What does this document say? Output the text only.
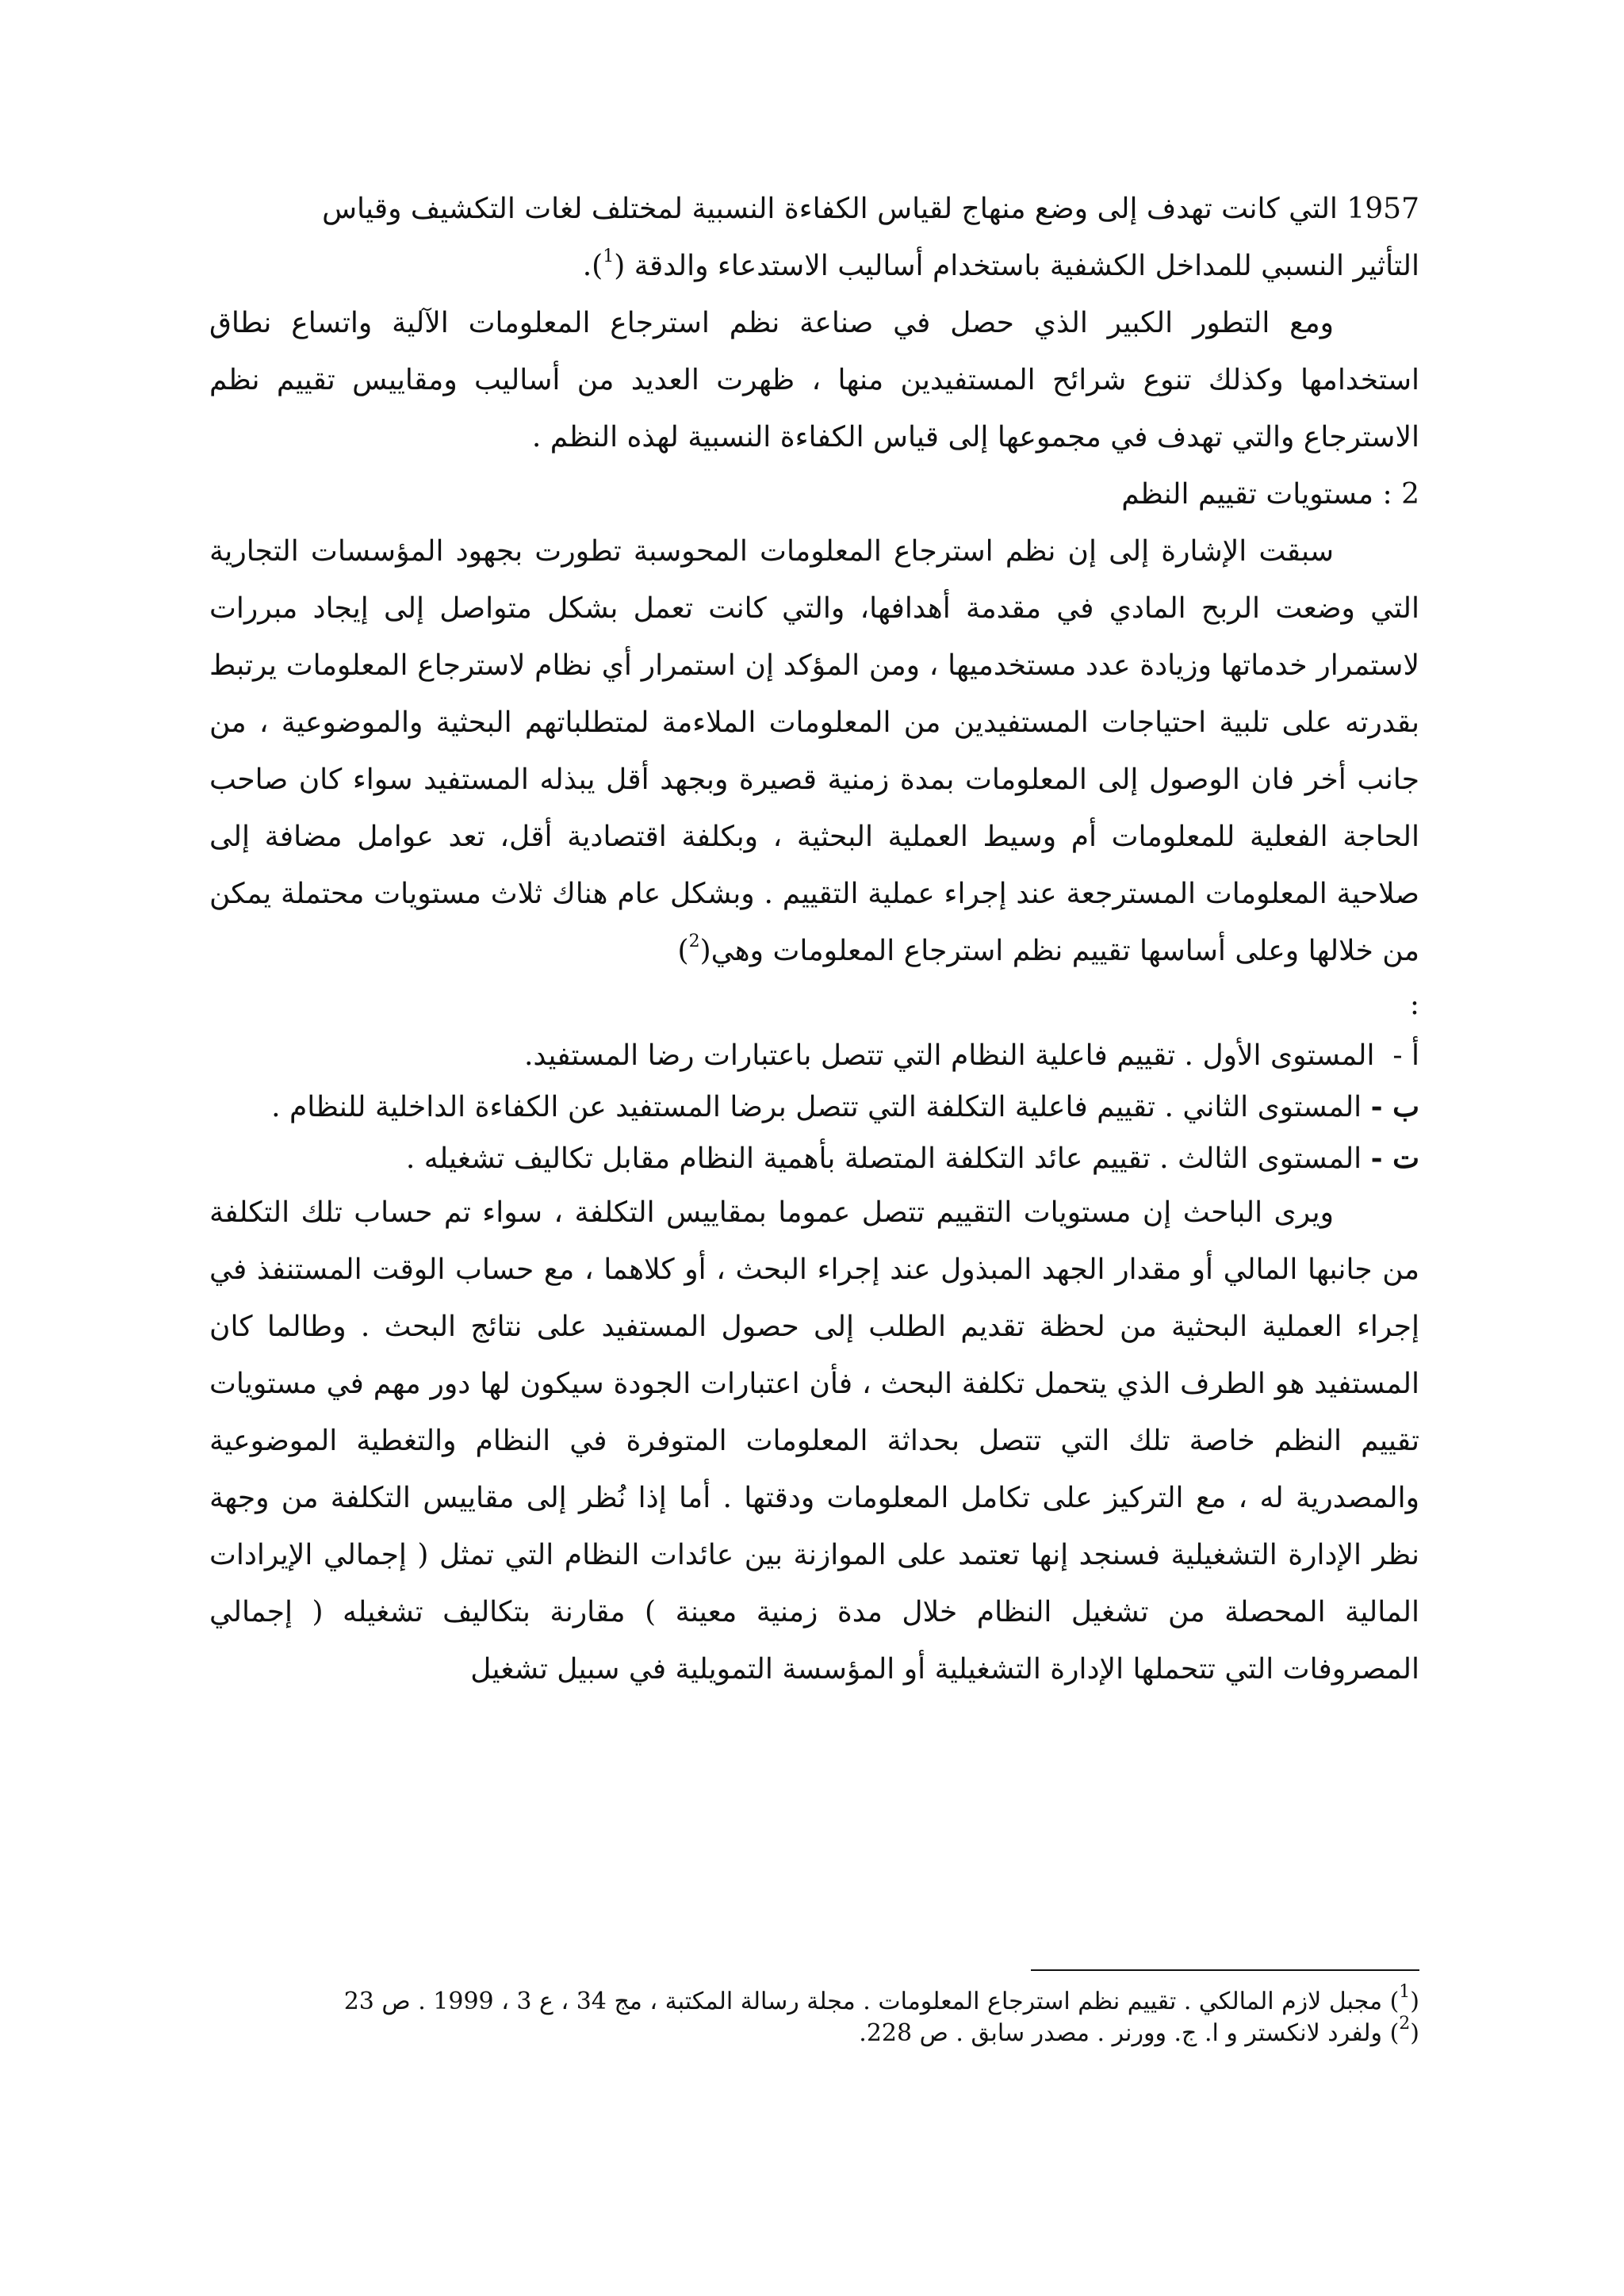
1957 التي كانت تهدف إلى وضع منهاج لقياس الكفاءة النسبية لمختلف لغات التكشيف وقياس
التأثير النسبي للمداخل الكشفية باستخدام أساليب الاستدعاء والدقة ($^1$).

ومع التطور الكبير الذي حصل في صناعة نظم استرجاع المعلومات الآلية واتساع نطاق استخدامها وكذلك تنوع شرائح المستفيدين منها ، ظهرت العديد من أساليب ومقاييس تقييم نظم الاسترجاع والتي تهدف في مجموعها إلى قياس الكفاءة النسبية لهذه النظم .

2 : مستويات تقييم النظم

سبقت الإشارة إلى إن نظم استرجاع المعلومات المحوسبة تطورت بجهود المؤسسات التجارية التي وضعت الربح المادي في مقدمة أهدافها، والتي كانت تعمل بشكل متواصل إلى إيجاد مبررات لاستمرار خدماتها وزيادة عدد مستخدميها ، ومن المؤكد إن استمرار أي نظام لاسترجاع المعلومات يرتبط بقدرته على تلبية احتياجات المستفيدين من المعلومات الملاءمة لمتطلباتهم البحثية والموضوعية ، من جانب أخر فان الوصول إلى المعلومات بمدة زمنية قصيرة وبجهد أقل يبذله المستفيد سواء كان صاحب الحاجة الفعلية للمعلومات أم وسيط العملية البحثية ، وبكلفة اقتصادية أقل، تعد عوامل مضافة إلى صلاحية المعلومات المسترجعة عند إجراء عملية التقييم . وبشكل عام هناك ثلاث مستويات محتملة يمكن من خلالها وعلى أساسها تقييم نظم استرجاع المعلومات وهي($^2$)

:

أ -  المستوى الأول . تقييم فاعلية النظام التي تتصل باعتبارات رضا المستفيد.
ب - المستوى الثاني . تقييم فاعلية التكلفة التي تتصل برضا المستفيد عن الكفاءة الداخلية للنظام .
ت - المستوى الثالث . تقييم عائد التكلفة المتصلة بأهمية النظام مقابل تكاليف تشغيله .

ويرى الباحث إن مستويات التقييم تتصل عموما بمقاييس التكلفة ، سواء تم حساب تلك التكلفة من جانبها المالي أو مقدار الجهد المبذول عند إجراء البحث ، أو كلاهما ، مع حساب الوقت المستنفذ في إجراء العملية البحثية من لحظة تقديم الطلب إلى حصول المستفيد على نتائج البحث . وطالما كان المستفيد هو الطرف الذي يتحمل تكلفة البحث ، فأن اعتبارات الجودة سيكون لها دور مهم في مستويات تقييم النظم خاصة تلك التي تتصل بحداثة المعلومات المتوفرة في النظام والتغطية الموضوعية والمصدرية له ، مع التركيز على تكامل المعلومات ودقتها . أما إذا نُظر إلى مقاييس التكلفة من وجهة نظر الإدارة التشغيلية فسنجد إنها تعتمد على الموازنة بين عائدات النظام التي تمثل ( إجمالي الإيرادات المالية المحصلة من تشغيل النظام خلال مدة زمنية معينة ) مقارنة بتكاليف تشغيله ( إجمالي المصروفات التي تتحملها الإدارة التشغيلية أو المؤسسة التمويلية في سبيل تشغيل

($^1$) مجبل لازم المالكي . تقييم نظم استرجاع المعلومات . مجلة رسالة المكتبة ، مج 34 ، ع 3 ، 1999 . ص 23

($^2$) ولفرد لانكستر و ا. ج. وورنر . مصدر سابق . ص 228.
